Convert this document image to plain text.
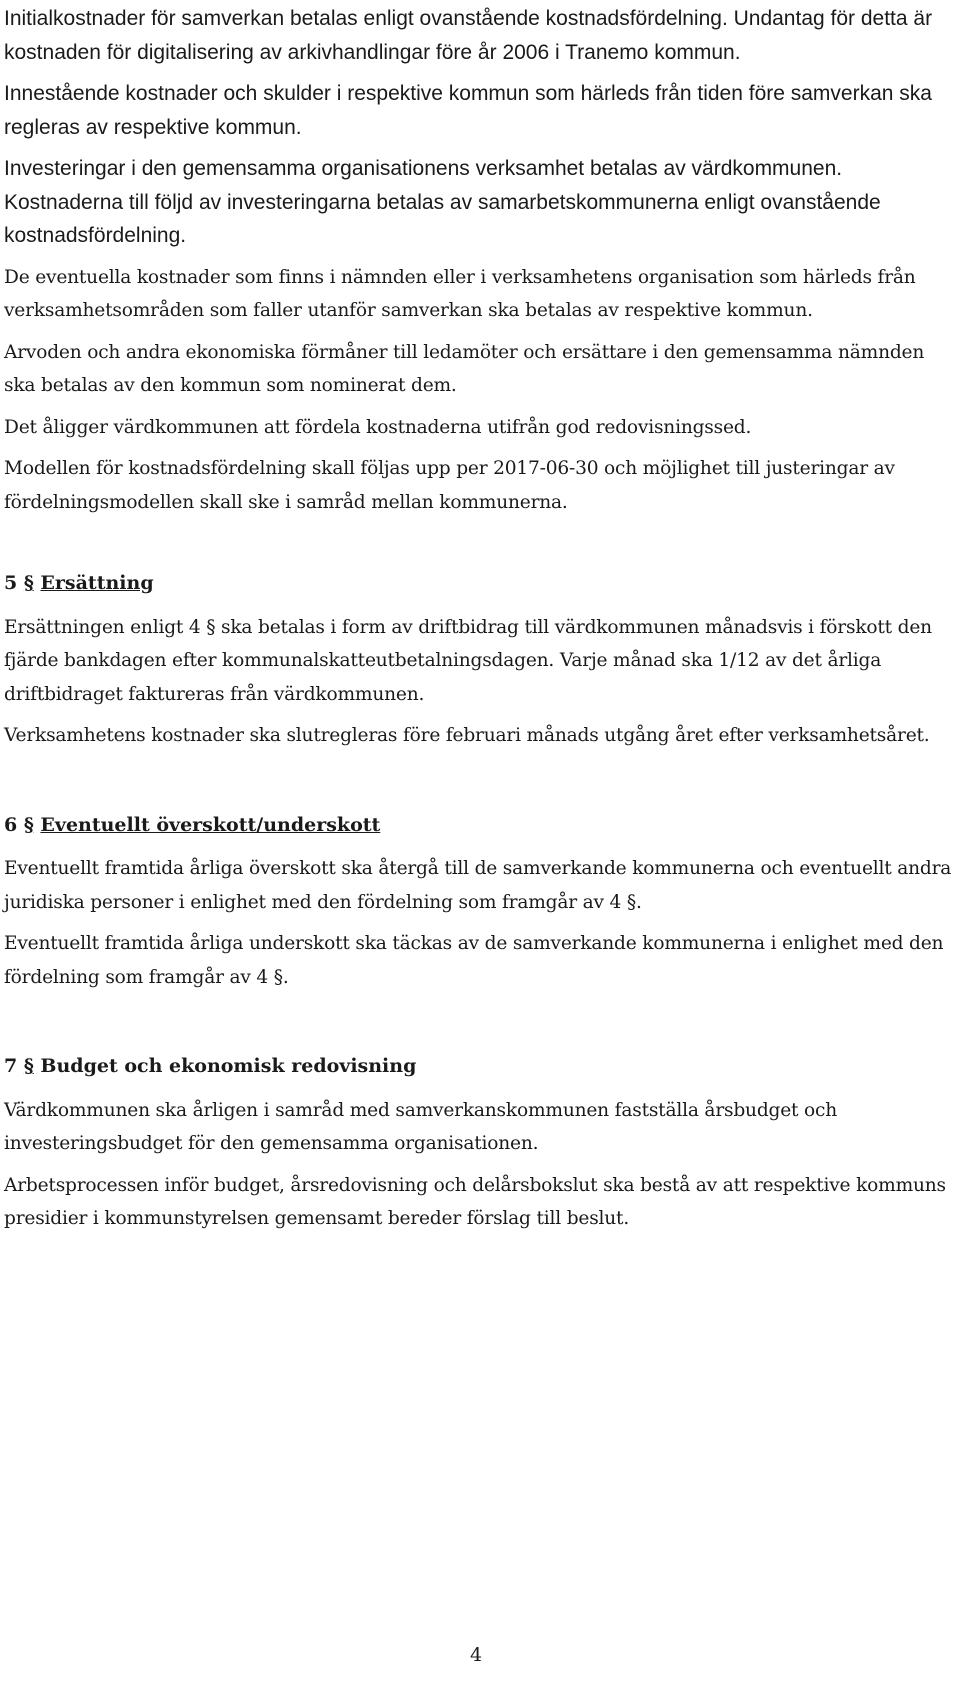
Initialkostnader för samverkan betalas enligt ovanstående kostnadsfördelning. Undantag för detta är kostnaden för digitalisering av arkivhandlingar före år 2006 i Tranemo kommun.

Innestående kostnader och skulder i respektive kommun som härleds från tiden före samverkan ska regleras av respektive kommun.

Investeringar i den gemensamma organisationens verksamhet betalas av värdkommunen. Kostnaderna till följd av investeringarna betalas av samarbetskommunerna enligt ovanstående kostnadsfördelning.

De eventuella kostnader som finns i nämnden eller i verksamhetens organisation som härleds från verksamhetsområden som faller utanför samverkan ska betalas av respektive kommun.

Arvoden och andra ekonomiska förmåner till ledamöter och ersättare i den gemensamma nämnden ska betalas av den kommun som nominerat dem.

Det åligger värdkommunen att fördela kostnaderna utifrån god redovisningssed.

Modellen för kostnadsfördelning skall följas upp per 2017-06-30 och möjlighet till justeringar av fördelningsmodellen skall ske i samråd mellan kommunerna.

5 § Ersättning

Ersättningen enligt 4 § ska betalas i form av driftbidrag till värdkommunen månadsvis i förskott den fjärde bankdagen efter kommunalskatteutbetalningsdagen. Varje månad ska 1/12 av det årliga driftbidraget faktureras från värdkommunen.

Verksamhetens kostnader ska slutregleras före februari månads utgång året efter verksamhetsåret.

6 § Eventuellt överskott/underskott

Eventuellt framtida årliga överskott ska återgå till de samverkande kommunerna och eventuellt andra juridiska personer i enlighet med den fördelning som framgår av 4 §.

Eventuellt framtida årliga underskott ska täckas av de samverkande kommunerna i enlighet med den fördelning som framgår av 4 §.

7 § Budget och ekonomisk redovisning

Värdkommunen ska årligen i samråd med samverkanskommunen fastställa årsbudget och investeringsbudget för den gemensamma organisationen.

Arbetsprocessen inför budget, årsredovisning och delårsbokslut ska bestå av att respektive kommuns presidier i kommunstyrelsen gemensamt bereder förslag till beslut.

4
